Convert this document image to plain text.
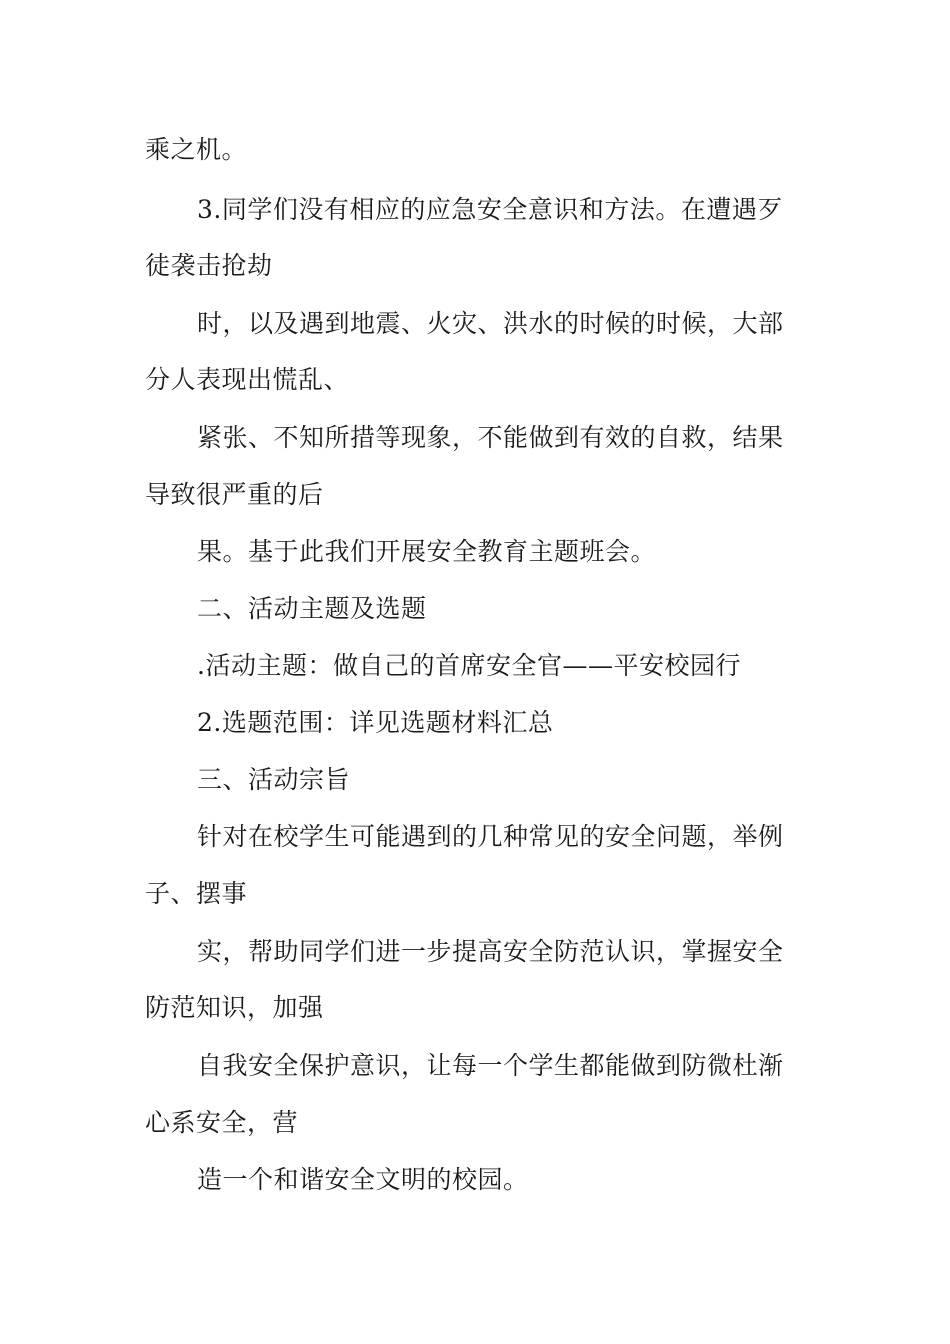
乘之机。
3.同学们没有相应的应急安全意识和方法。在遭遇歹
徒袭击抢劫
时，以及遇到地震、火灾、洪水的时候的时候，大部
分人表现出慌乱、
紧张、不知所措等现象，不能做到有效的自救，结果
导致很严重的后
果。基于此我们开展安全教育主题班会。
二、活动主题及选题
.活动主题：做自己的首席安全官——平安校园行
2.选题范围：详见选题材料汇总
三、活动宗旨
针对在校学生可能遇到的几种常见的安全问题，举例
子、摆事
实，帮助同学们进一步提高安全防范认识，掌握安全
防范知识，加强
自我安全保护意识，让每一个学生都能做到防微杜渐
心系安全，营
造一个和谐安全文明的校园。
